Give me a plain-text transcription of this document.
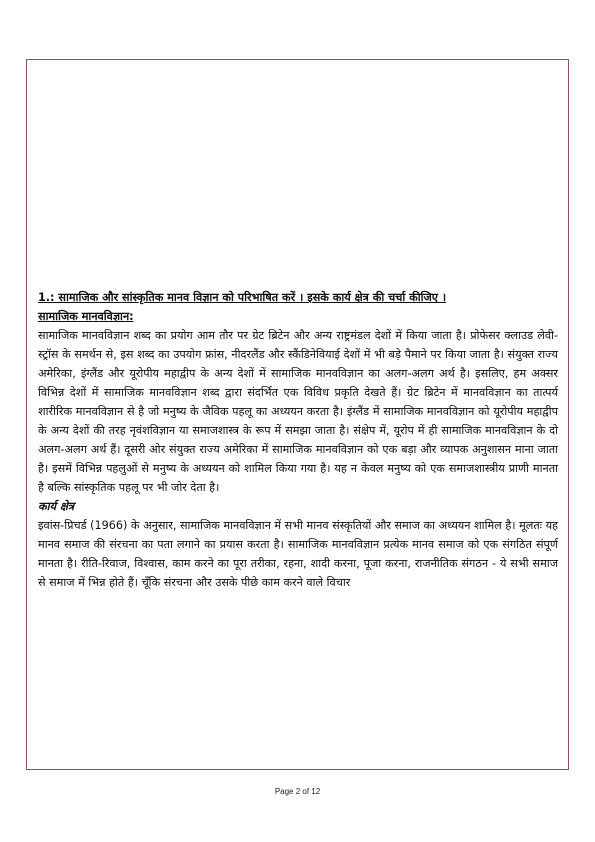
1.: सामाजिक और सांस्कृतिक मानव विज्ञान को परिभाषित करें । इसके कार्य क्षेत्र की चर्चा कीजिए ।

सामाजिक मानवविज्ञान:

सामाजिक मानवविज्ञान शब्द का प्रयोग आम तौर पर ग्रेट ब्रिटेन और अन्य राष्ट्रमंडल देशों में किया जाता है। प्रोफेसर क्लाउड लेवी-स्ट्रॉस के समर्थन से, इस शब्द का उपयोग फ्रांस, नीदरलैंड और स्कैंडिनेवियाई देशों में भी बड़े पैमाने पर किया जाता है। संयुक्त राज्य अमेरिका, इंग्लैंड और यूरोपीय महाद्वीप के अन्य देशों में सामाजिक मानवविज्ञान का अलग-अलग अर्थ है। इसलिए, हम अक्सर विभिन्न देशों में सामाजिक मानवविज्ञान शब्द द्वारा संदर्भित एक विविध प्रकृति देखते हैं। ग्रेट ब्रिटेन में मानवविज्ञान का तात्पर्य शारीरिक मानवविज्ञान से है जो मनुष्य के जैविक पहलू का अध्ययन करता है। इंग्लैंड में सामाजिक मानवविज्ञान को यूरोपीय महाद्वीप के अन्य देशों की तरह नृवंशविज्ञान या समाजशास्त्र के रूप में समझा जाता है। संक्षेप में, यूरोप में ही सामाजिक मानवविज्ञान के दो अलग-अलग अर्थ हैं। दूसरी ओर संयुक्त राज्य अमेरिका में सामाजिक मानवविज्ञान को एक बड़ा और व्यापक अनुशासन माना जाता है। इसमें विभिन्न पहलुओं से मनुष्य के अध्ययन को शामिल किया गया है। यह न केवल मनुष्य को एक समाजशास्त्रीय प्राणी मानता है बल्कि सांस्कृतिक पहलू पर भी जोर देता है।

कार्य क्षेत्र

इवांस-प्रिचर्ड (1966) के अनुसार, सामाजिक मानवविज्ञान में सभी मानव संस्कृतियों और समाज का अध्ययन शामिल है। मूलतः यह मानव समाज की संरचना का पता लगाने का प्रयास करता है। सामाजिक मानवविज्ञान प्रत्येक मानव समाज को एक संगठित संपूर्ण मानता है। रीति-रिवाज, विश्वास, काम करने का पूरा तरीका, रहना, शादी करना, पूजा करना, राजनीतिक संगठन - ये सभी समाज से समाज में भिन्न होते हैं। चूँकि संरचना और उसके पीछे काम करने वाले विचार

Page 2 of 12
